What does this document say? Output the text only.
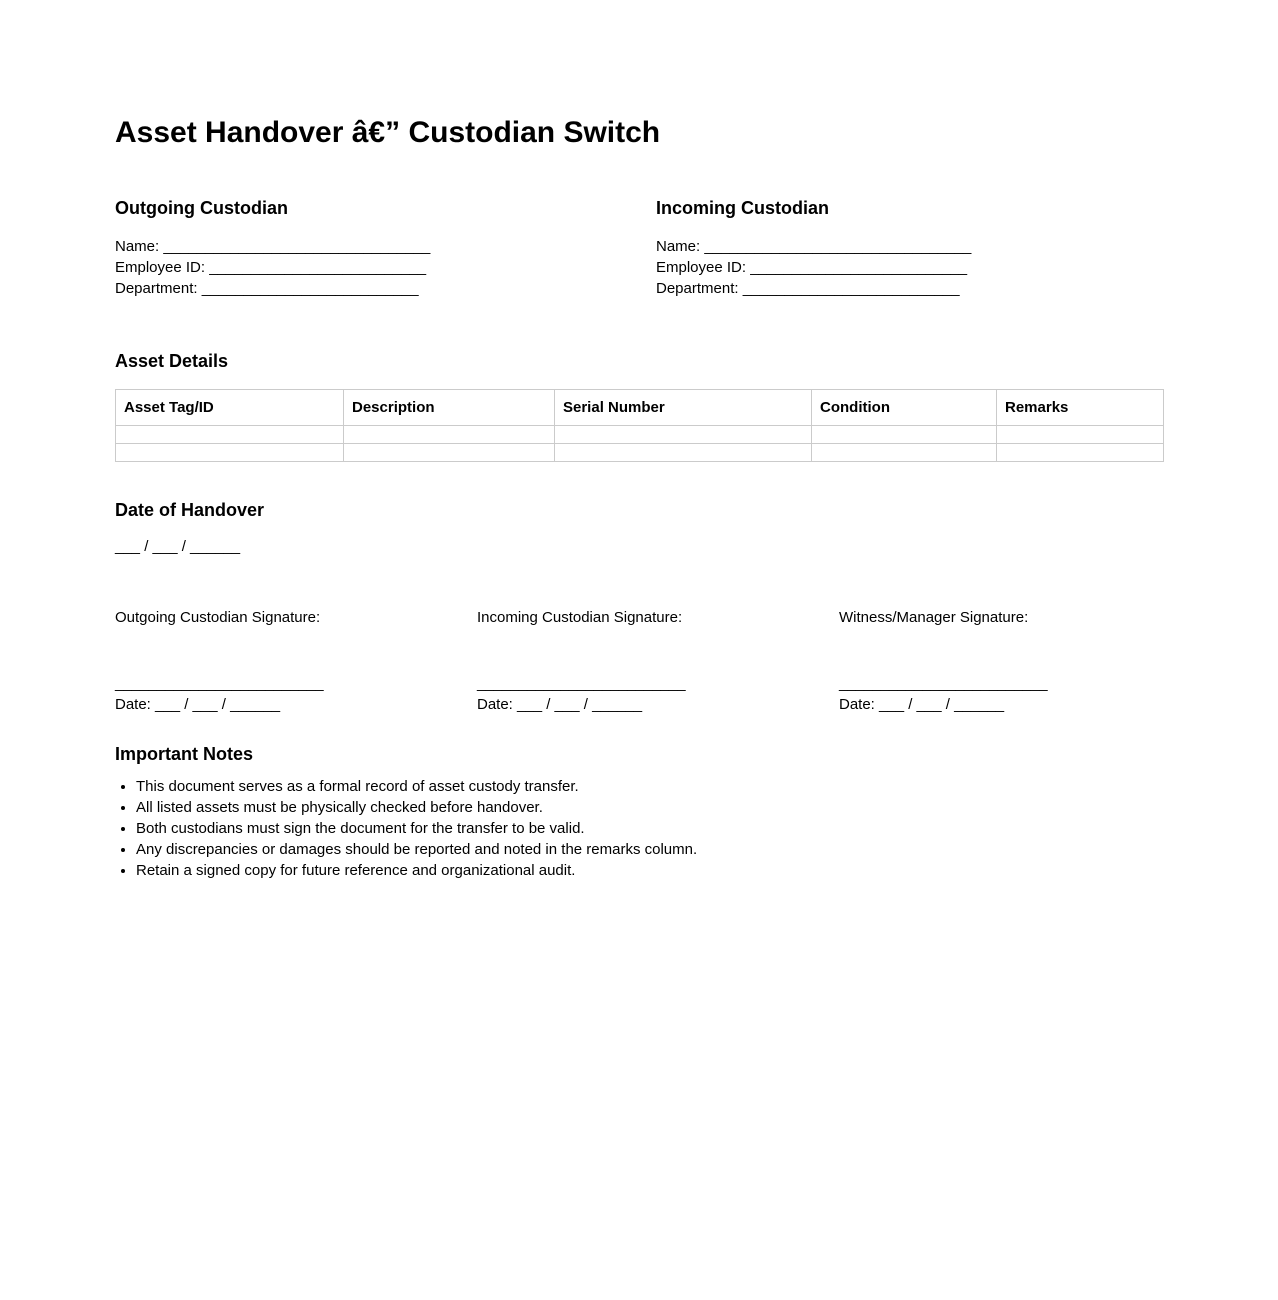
Asset Handover â€” Custodian Switch
Outgoing Custodian
Name: ________________________________
Employee ID: __________________________
Department: __________________________
Incoming Custodian
Name: ________________________________
Employee ID: __________________________
Department: __________________________
Asset Details
Asset Tag/ID	Description	Serial Number	Condition	Remarks

Date of Handover
___ / ___ / ______
Outgoing Custodian Signature:
_________________________
Date: ___ / ___ / ______
Incoming Custodian Signature:
_________________________
Date: ___ / ___ / ______
Witness/Manager Signature:
_________________________
Date: ___ / ___ / ______
Important Notes
• This document serves as a formal record of asset custody transfer.
• All listed assets must be physically checked before handover.
• Both custodians must sign the document for the transfer to be valid.
• Any discrepancies or damages should be reported and noted in the remarks column.
• Retain a signed copy for future reference and organizational audit.
